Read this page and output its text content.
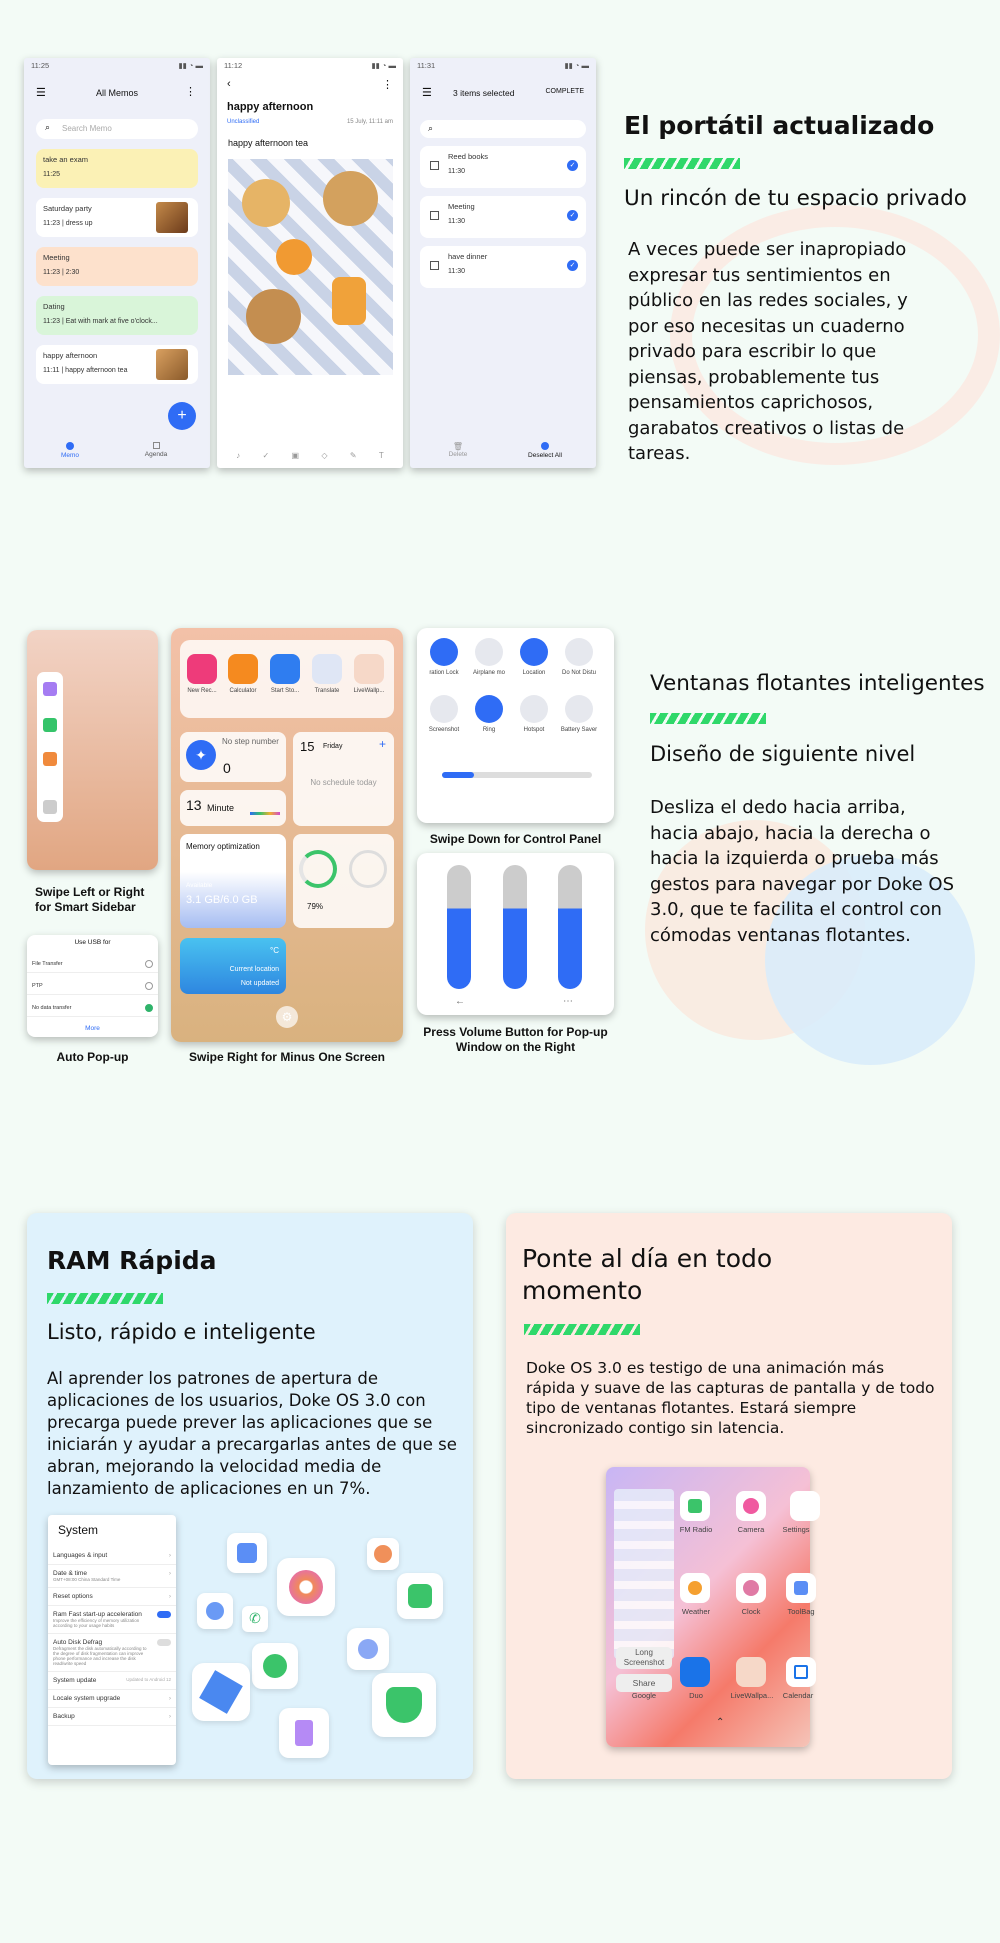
11:25	▮▮ ◔ ▬
☰	All Memos	⋮
Search Memo
⌕
take an exam
11:25
Saturday party
11:23 | dress up
Meeting
11:23 | 2:30
Dating
11:23 | Eat with mark at five o'clock...
happy afternoon
11:11 | happy afternoon tea
+
Memo	Agenda
11:12	▮▮ ◔ ▬
‹	⋮
happy afternoon
Unclassified	15 July, 11:11 am
happy afternoon tea
♪	✓	▣	◇	✎	T
11:31	▮▮ ◔ ▬
☰ 3 items selected	COMPLETE
⌕
Reed books
11:30
✓
Meeting
11:30
✓
have dinner
11:30
✓
🗑
Delete	Deselect All
El portátil actualizado
Un rincón de tu espacio privado
A veces puede ser inapropiado expresar tus sentimientos en público en las redes sociales, y por eso necesitas un cuaderno privado para escribir lo que piensas, probablemente tus pensamientos caprichosos, garabatos creativos o listas de tareas.
Swipe Left or Right for Smart Sidebar
Use USB for
File Transfer
PTP
No data transfer
More
Auto Pop-up
New Rec...	Calculator	Start Sto...	Translate	LiveWallp...
✦
No step number
0
15 Friday	+
No schedule today
13 Minute
Memory optimization
Available
3.1 GB/6.0 GB
79%
°C
Current location
Not updated
⚙
Swipe Right for Minus One Screen
ration Lock	Airplane mo	Location	Do Not Distu
Screenshot	Ring	Hotspot	Battery Saver
Swipe Down for Control Panel
←	⋯
Press Volume Button for Pop-up Window on the Right
Ventanas flotantes inteligentes
Diseño de siguiente nivel
Desliza el dedo hacia arriba, hacia abajo, hacia la derecha o hacia la izquierda o prueba más gestos para navegar por Doke OS 3.0, que te facilita el control con cómodas ventanas flotantes.
RAM Rápida
Listo, rápido e inteligente
Al aprender los patrones de apertura de aplicaciones de los usuarios, Doke OS 3.0 con precarga puede prever las aplicaciones que se iniciarán y ayudar a precargarlas antes de que se abran, mejorando la velocidad media de lanzamiento de aplicaciones en un 7%.
System
Languages & input	›
Date & time	›
GMT+08:00 China Standard Time
Reset options	›
Ram Fast start-up acceleration
Improve the efficiency of memory utilization according to your usage habits
Auto Disk Defrag
Defragment the disk automatically according to the degree of disk fragmentation can improve phone performance and increase the disk read/write speed
System update	Updated to Android 12
Locale system upgrade	›
Backup	›
✆
Ponte al día en todo momento
Doke OS 3.0 es testigo de una animación más rápida y suave de las capturas de pantalla y de todo tipo de ventanas flotantes. Estará siempre sincronizado contigo sin latencia.
Long Screenshot
Share
FM Radio	Camera	Settings
Weather	Clock	ToolBag
Google	Duo	LiveWallpa...	Calendar
⌃
